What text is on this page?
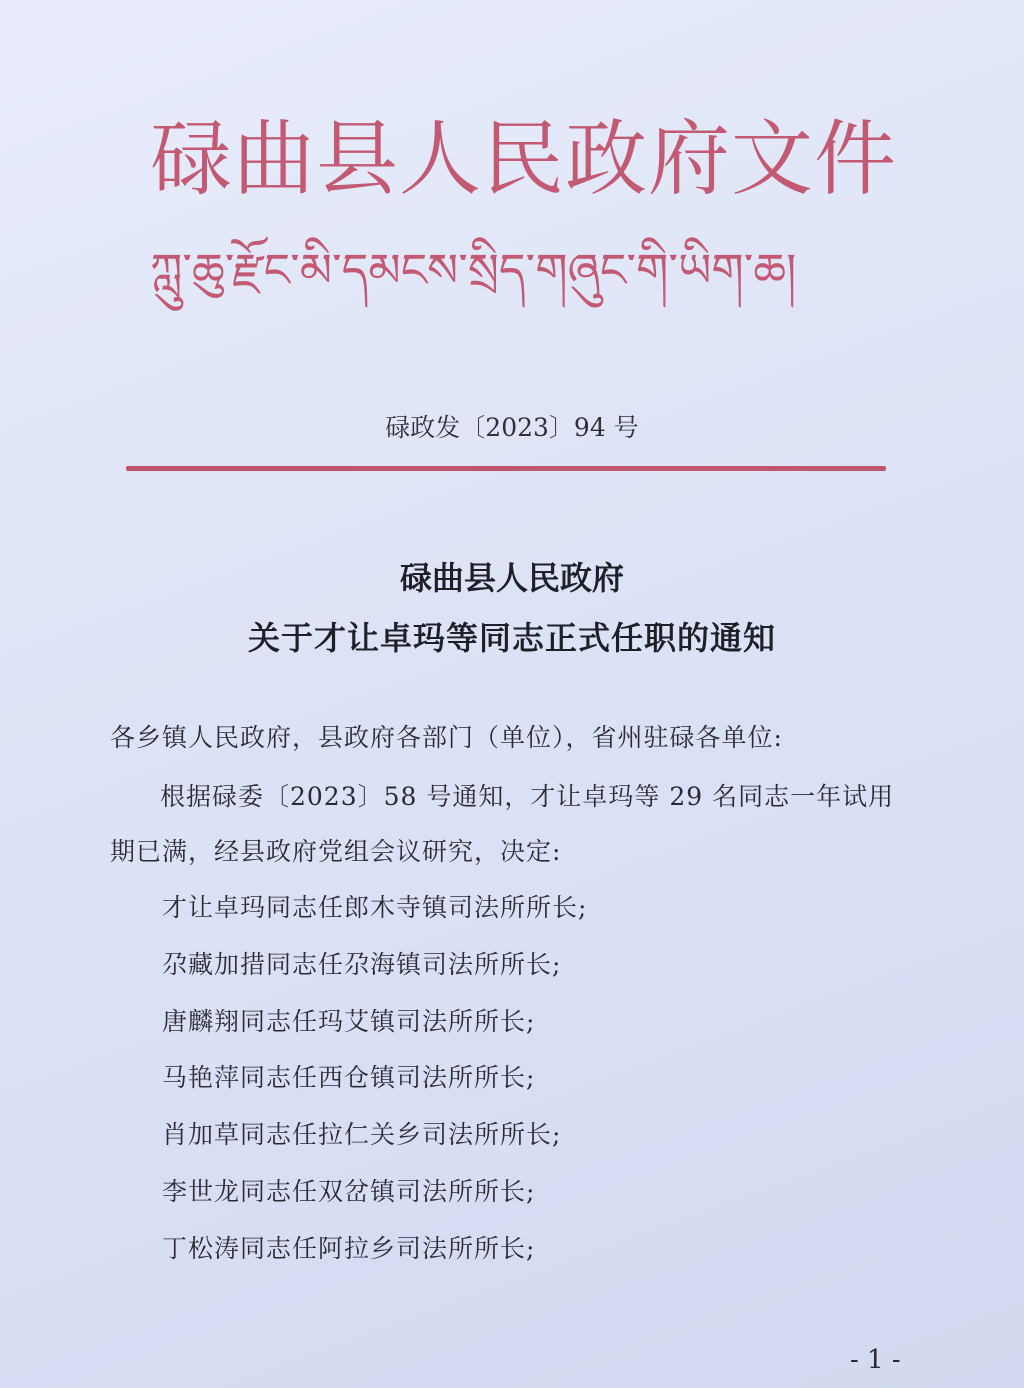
碌曲县人民政府文件
ཀླུ་ཆུ་རྫོང་མི་དམངས་སྲིད་གཞུང་གི་ཡིག་ཆ།
碌政发〔2023〕94 号
碌曲县人民政府
关于才让卓玛等同志正式任职的通知
各乡镇人民政府，县政府各部门（单位），省州驻碌各单位:
根据碌委〔2023〕58 号通知，才让卓玛等 29 名同志一年试用
期已满，经县政府党组会议研究，决定:
才让卓玛同志任郎木寺镇司法所所长;
尕藏加措同志任尕海镇司法所所长;
唐麟翔同志任玛艾镇司法所所长;
马艳萍同志任西仓镇司法所所长;
肖加草同志任拉仁关乡司法所所长;
李世龙同志任双岔镇司法所所长;
丁松涛同志任阿拉乡司法所所长;
- 1 -
